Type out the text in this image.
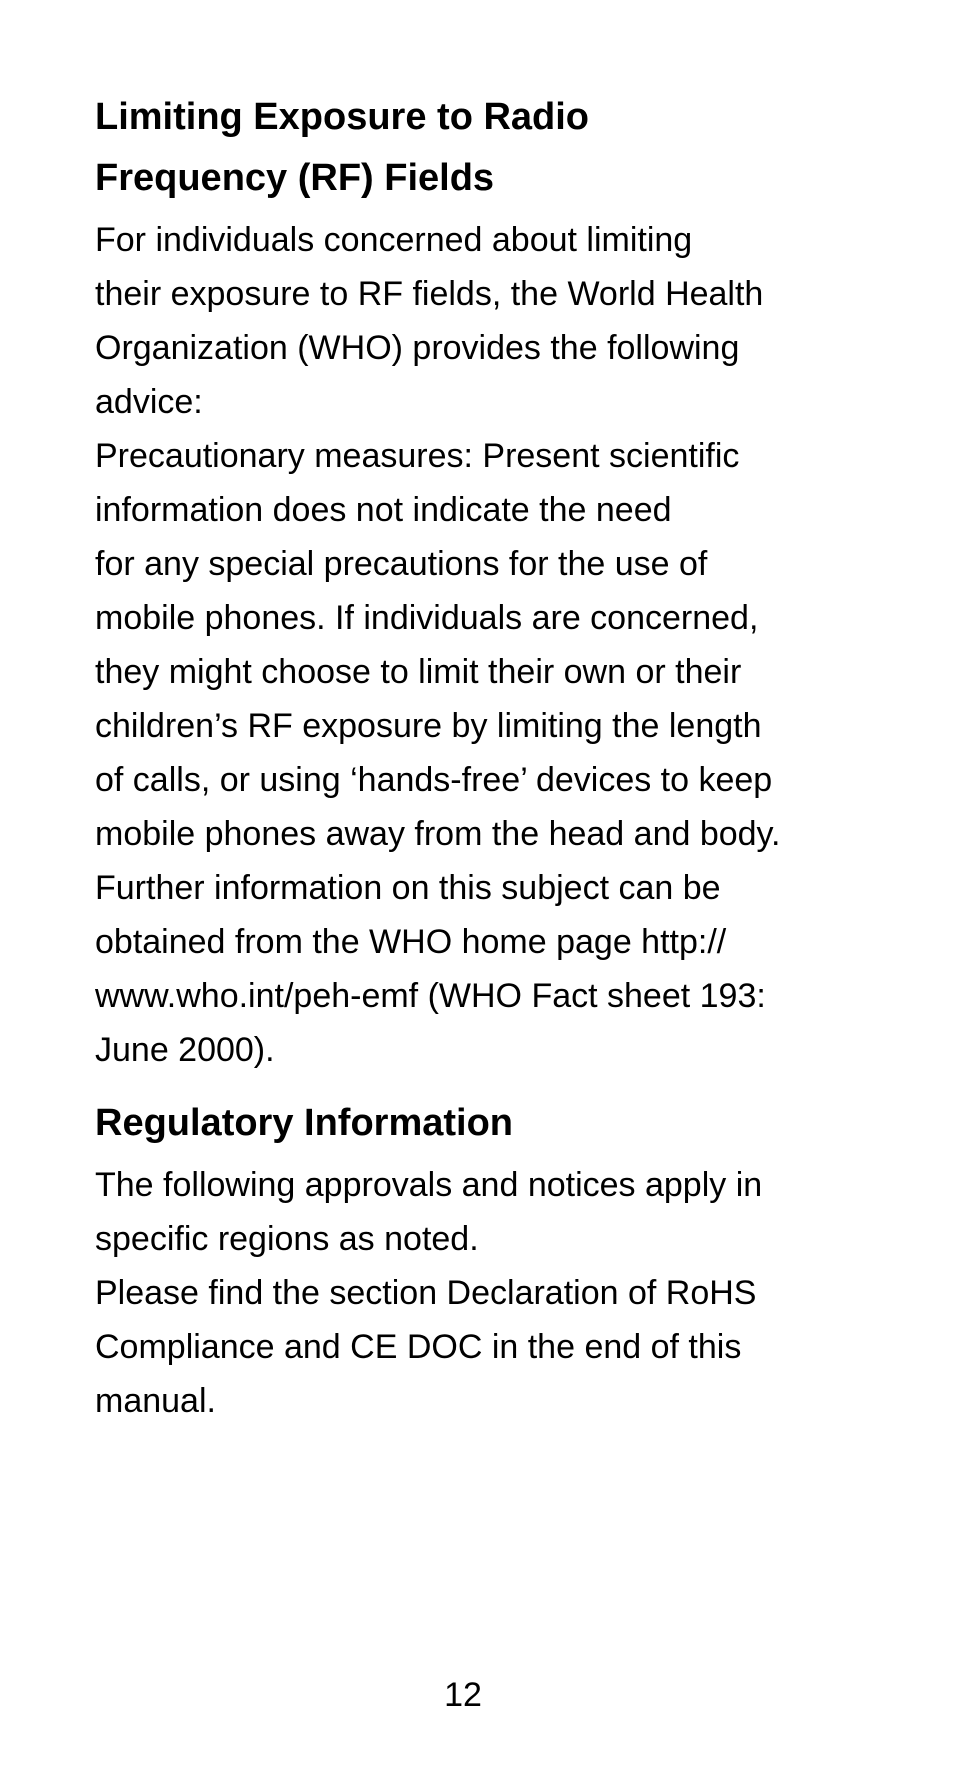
Limiting Exposure to Radio
Frequency (RF) Fields

For individuals concerned about limiting
their exposure to RF fields, the World Health
Organization (WHO) provides the following
advice:

Precautionary measures: Present scientific
information does not indicate the need
for any special precautions for the use of
mobile phones. If individuals are concerned,
they might choose to limit their own or their
children’s RF exposure by limiting the length
of calls, or using ‘hands-free’ devices to keep
mobile phones away from the head and body.
Further information on this subject can be
obtained from the WHO home page http://
www.who.int/peh-emf (WHO Fact sheet 193:
June 2000).

Regulatory Information

The following approvals and notices apply in
specific regions as noted.
Please find the section Declaration of RoHS
Compliance and CE DOC in the end of this
manual.

12
